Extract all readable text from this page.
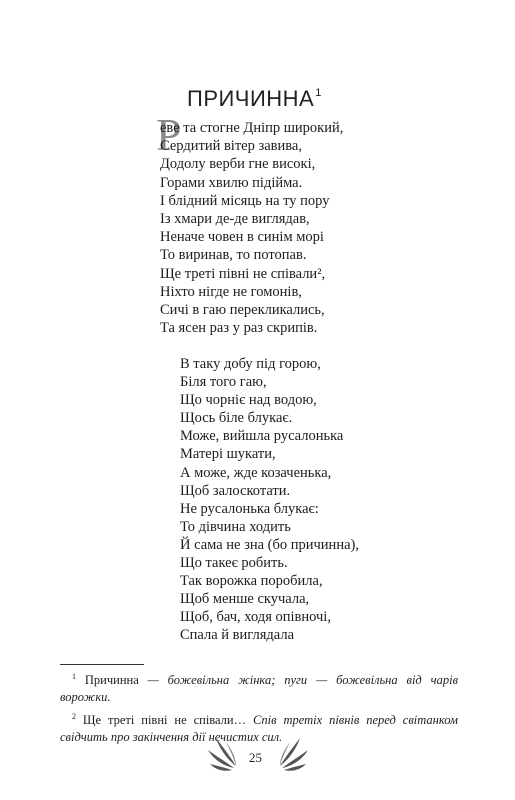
ПРИЧИННА$^1$
Р
еве та стогне Дніпр широкий,
Сердитий вітер завива,
Додолу верби гне високі,
Горами хвилю підійма.
І блідний місяць на ту пору
Із хмари де-де виглядав,
Неначе човен в синім морі
То виринав, то потопав.
Ще треті півні не співали²,
Ніхто нігде не гомонів,
Сичі в гаю перекликались,
Та ясен раз у раз скрипів.
В таку добу під горою,
Біля того гаю,
Що чорніє над водою,
Щось біле блукає.
Може, вийшла русалонька
Матері шукати,
А може, жде козаченька,
Щоб залоскотати.
Не русалонька блукає:
То дівчина ходить
Й сама не зна (бо причинна),
Що такеє робить.
Так ворожка поробила,
Щоб менше скучала,
Щоб, бач, ходя опівночі,
Спала й виглядала

$^1$ Причинна — божевільна жінка; пуги — божевільна від чарів ворожки.

$^2$ Ще треті півні не співали… Спів третіх півнів перед світанком свідчить про закінчення дії нечистих сил.

25
